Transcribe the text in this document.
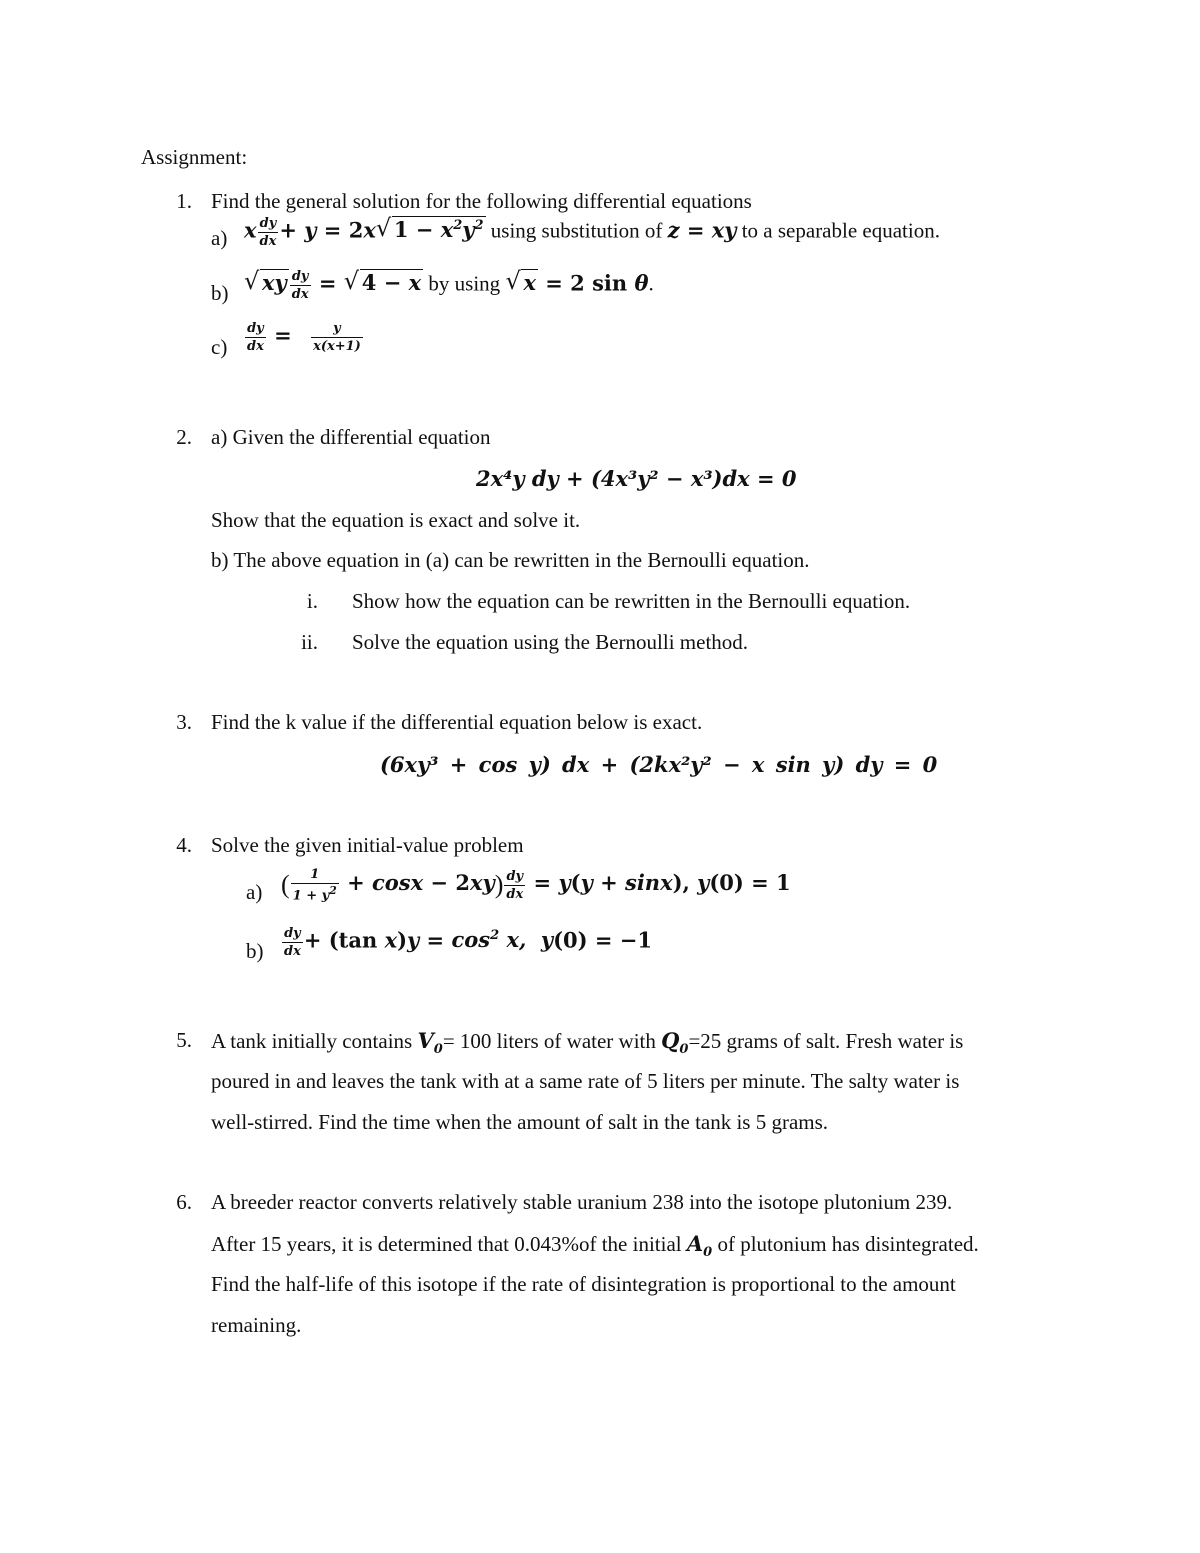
Assignment:
1. Find the general solution for the following differential equations
a) x $\frac{dy}{dx} + y = 2x√$ $1 - x^2y^2$ using substitution of z = xy to a separable equation.
b)
√	xy $\frac{dy}{dx}$ = √ 4 − x by using √ x = 2 sin θ.
$c) \frac{dy}{dx} = \frac{y}{x(x+1)}$
2. a) Given the differential equation
2x⁴y dy + (4x³y² − x³)dx = 0
Show that the equation is exact and solve it.
b) The above equation in (a) can be rewritten in the Bernoulli equation.
i. Show how the equation can be rewritten in the Bernoulli equation.
ii. Solve the equation using the Bernoulli method.
3. Find the k value if the differential equation below is exact.
(6xy³ + cos y) dx + (2kx²y² − x sin y) dy = 0
4. Solve the given initial-value problem
a) ( $\frac{1}{1 + y^2} + \cos x - 2xy) \frac{dy}{dx} = y(y + \sin x)$, y(0) = 1
$b) \frac{dy}{dx} + (\tan$ $x)y = \cos^2 x$,  y(0) = −1
5. A tank initially contains $V_0= 100$ liters of water with $Q_0=25$ grams of salt. Fresh water is
poured in and leaves the tank with at a same rate of 5 liters per minute. The salty water is
well-stirred. Find the time when the amount of salt in the tank is 5 grams.
6. A breeder reactor converts relatively stable uranium 238 into the isotope plutonium 239.
After 15 years, it is determined that 0.043%of the initial $A_0$ of plutonium has disintegrated.
Find the half-life of this isotope if the rate of disintegration is proportional to the amount
remaining.
